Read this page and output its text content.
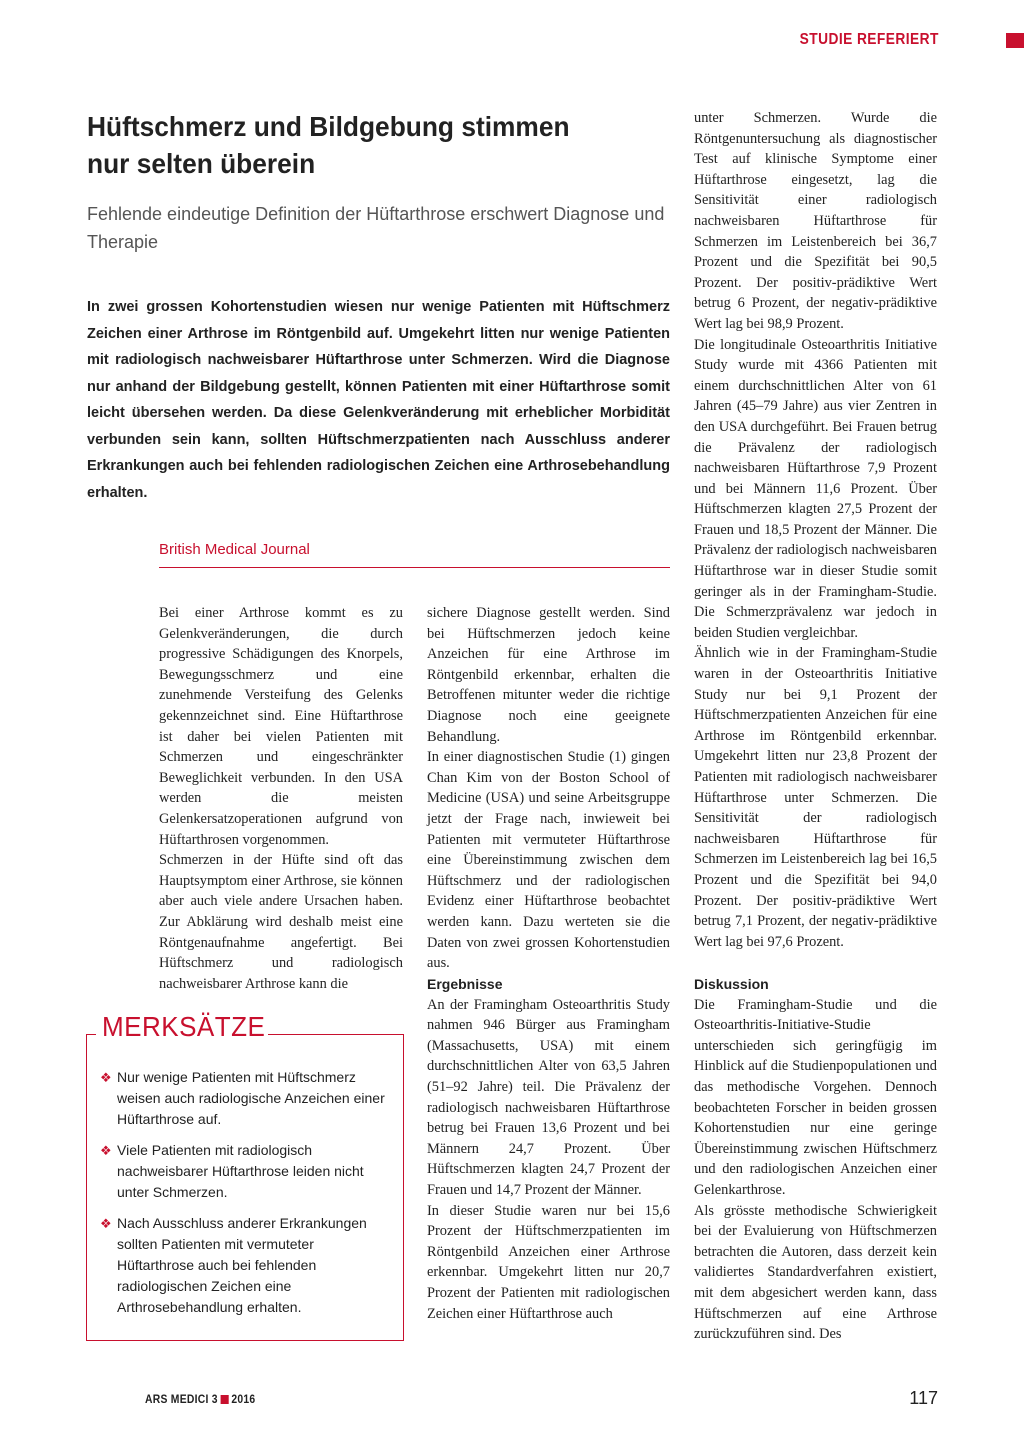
STUDIE REFERIERT
Hüftschmerz und Bildgebung stimmen nur selten überein
Fehlende eindeutige Definition der Hüftarthrose erschwert Diagnose und Therapie

In zwei grossen Kohortenstudien wiesen nur wenige Patienten mit Hüftschmerz Zeichen einer Arthrose im Röntgenbild auf. Umgekehrt litten nur wenige Patienten mit radiologisch nachweisbarer Hüftarthrose unter Schmerzen. Wird die Diagnose nur anhand der Bildgebung gestellt, können Patienten mit einer Hüftarthrose somit leicht übersehen werden. Da diese Gelenkveränderung mit erheblicher Morbidität verbunden sein kann, sollten Hüftschmerzpatienten nach Ausschluss anderer Erkrankungen auch bei fehlenden radiologischen Zeichen eine Arthrosebehandlung erhalten.

British Medical Journal

Bei einer Arthrose kommt es zu Gelenkveränderungen, die durch progressive Schädigungen des Knorpels, Bewegungsschmerz und eine zunehmende Versteifung des Gelenks gekennzeichnet sind. Eine Hüftarthrose ist daher bei vielen Patienten mit Schmerzen und eingeschränkter Beweglichkeit verbunden. In den USA werden die meisten Gelenkersatzoperationen aufgrund von Hüftarthrosen vorgenommen.

Schmerzen in der Hüfte sind oft das Hauptsymptom einer Arthrose, sie können aber auch viele andere Ursachen haben. Zur Abklärung wird deshalb meist eine Röntgenaufnahme angefertigt. Bei Hüftschmerz und radiologisch nachweisbarer Arthrose kann die

sichere Diagnose gestellt werden. Sind bei Hüftschmerzen jedoch keine Anzeichen für eine Arthrose im Röntgenbild erkennbar, erhalten die Betroffenen mitunter weder die richtige Diagnose noch eine geeignete Behandlung.

In einer diagnostischen Studie (1) gingen Chan Kim von der Boston School of Medicine (USA) und seine Arbeitsgruppe jetzt der Frage nach, inwieweit bei Patienten mit vermuteter Hüftarthrose eine Übereinstimmung zwischen dem Hüftschmerz und der radiologischen Evidenz einer Hüftarthrose beobachtet werden kann. Dazu werteten sie die Daten von zwei grossen Kohortenstudien aus.

Ergebnisse

An der Framingham Osteoarthritis Study nahmen 946 Bürger aus Framingham (Massachusetts, USA) mit einem durchschnittlichen Alter von 63,5 Jahren (51–92 Jahre) teil. Die Prävalenz der radiologisch nachweisbaren Hüftarthrose betrug bei Frauen 13,6 Prozent und bei Männern 24,7 Prozent. Über Hüftschmerzen klagten 24,7 Prozent der Frauen und 14,7 Prozent der Männer.

In dieser Studie waren nur bei 15,6 Prozent der Hüftschmerzpatienten im Röntgenbild Anzeichen einer Arthrose erkennbar. Umgekehrt litten nur 20,7 Prozent der Patienten mit radiologischen Zeichen einer Hüftarthrose auch

unter Schmerzen. Wurde die Röntgenuntersuchung als diagnostischer Test auf klinische Symptome einer Hüftarthrose eingesetzt, lag die Sensitivität einer radiologisch nachweisbaren Hüftarthrose für Schmerzen im Leistenbereich bei 36,7 Prozent und die Spezifität bei 90,5 Prozent. Der positiv-prädiktive Wert betrug 6 Prozent, der negativ-prädiktive Wert lag bei 98,9 Prozent.

Die longitudinale Osteoarthritis Initiative Study wurde mit 4366 Patienten mit einem durchschnittlichen Alter von 61 Jahren (45–79 Jahre) aus vier Zentren in den USA durchgeführt. Bei Frauen betrug die Prävalenz der radiologisch nachweisbaren Hüftarthrose 7,9 Prozent und bei Männern 11,6 Prozent. Über Hüftschmerzen klagten 27,5 Prozent der Frauen und 18,5 Prozent der Männer. Die Prävalenz der radiologisch nachweisbaren Hüftarthrose war in dieser Studie somit geringer als in der Framingham-Studie. Die Schmerzprävalenz war jedoch in beiden Studien vergleichbar.

Ähnlich wie in der Framingham-Studie waren in der Osteoarthritis Initiative Study nur bei 9,1 Prozent der Hüftschmerzpatienten Anzeichen für eine Arthrose im Röntgenbild erkennbar. Umgekehrt litten nur 23,8 Prozent der Patienten mit radiologisch nachweisbarer Hüftarthrose unter Schmerzen. Die Sensitivität der radiologisch nachweisbaren Hüftarthrose für Schmerzen im Leistenbereich lag bei 16,5 Prozent und die Spezifität bei 94,0 Prozent. Der positiv-prädiktive Wert betrug 7,1 Prozent, der negativ-prädiktive Wert lag bei 97,6 Prozent.

Diskussion

Die Framingham-Studie und die Osteoarthritis-Initiative-Studie unterschieden sich geringfügig im Hinblick auf die Studienpopulationen und das methodische Vorgehen. Dennoch beobachteten Forscher in beiden grossen Kohortenstudien nur eine geringe Übereinstimmung zwischen Hüftschmerz und den radiologischen Anzeichen einer Gelenkarthrose.

Als grösste methodische Schwierigkeit bei der Evaluierung von Hüftschmerzen betrachten die Autoren, dass derzeit kein validiertes Standardverfahren existiert, mit dem abgesichert werden kann, dass Hüftschmerzen auf eine Arthrose zurückzuführen sind. Des

MERKSÄTZE
❖ Nur wenige Patienten mit Hüftschmerz weisen auch radiologische Anzeichen einer Hüftarthrose auf.
❖ Viele Patienten mit radiologisch nachweisbarer Hüftarthrose leiden nicht unter Schmerzen.
❖ Nach Ausschluss anderer Erkrankungen sollten Patienten mit vermuteter Hüftarthrose auch bei fehlenden radiologischen Zeichen eine Arthrosebehandlung erhalten.
ARS MEDICI 3 2016	117
